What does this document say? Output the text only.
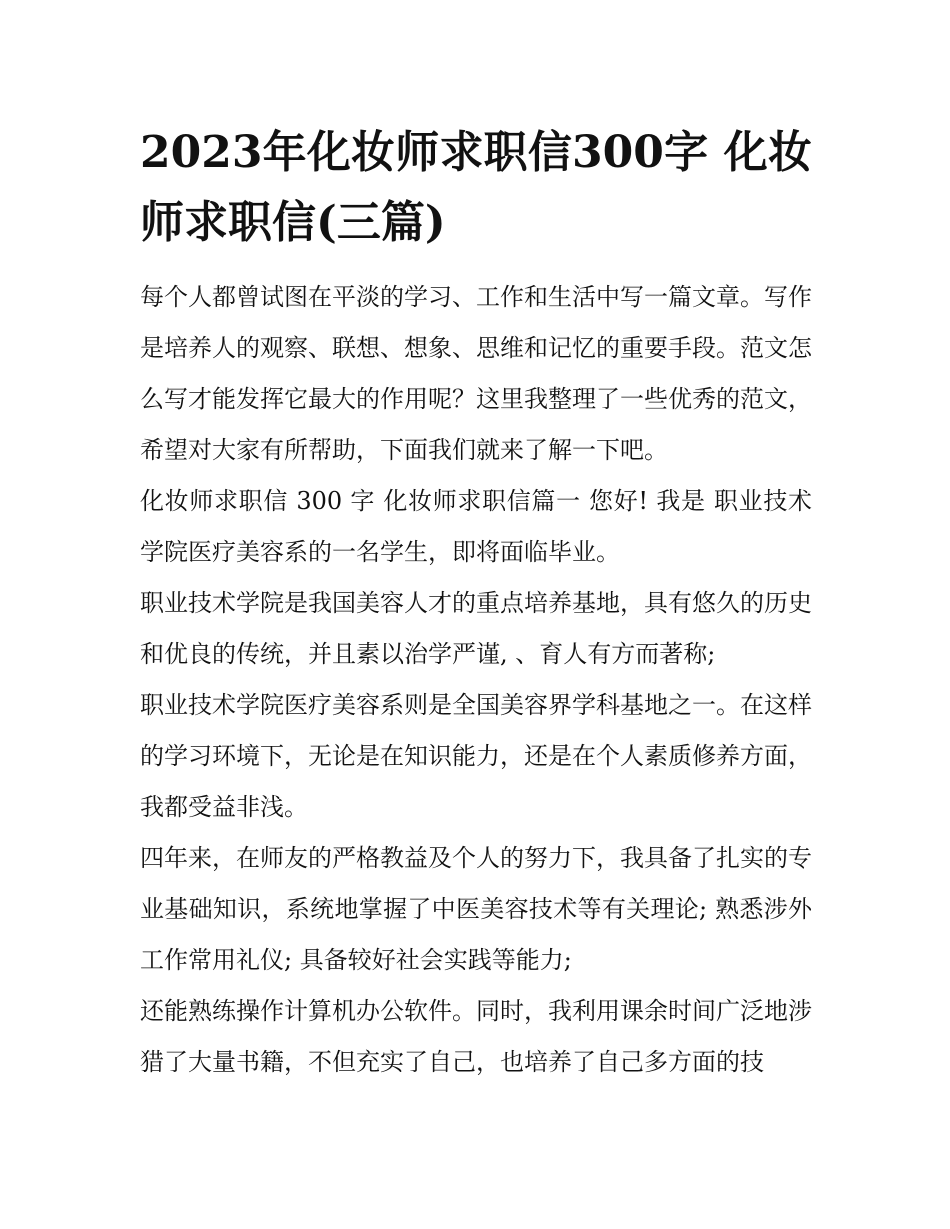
2023年化妆师求职信300字 化妆师求职信(三篇)

每个人都曾试图在平淡的学习、工作和生活中写一篇文章。写作是培养人的观察、联想、想象、思维和记忆的重要手段。范文怎么写才能发挥它最大的作用呢？这里我整理了一些优秀的范文，希望对大家有所帮助，下面我们就来了解一下吧。

化妆师求职信 300 字 化妆师求职信篇一 您好! 我是 职业技术学院医疗美容系的一名学生，即将面临毕业。

职业技术学院是我国美容人才的重点培养基地，具有悠久的历史和优良的传统，并且素以治学严谨, 、育人有方而著称;

职业技术学院医疗美容系则是全国美容界学科基地之一。在这样的学习环境下，无论是在知识能力，还是在个人素质修养方面，我都受益非浅。

四年来，在师友的严格教益及个人的努力下，我具备了扎实的专业基础知识，系统地掌握了中医美容技术等有关理论; 熟悉涉外工作常用礼仪; 具备较好社会实践等能力;

还能熟练操作计算机办公软件。同时，我利用课余时间广泛地涉猎了大量书籍，不但充实了自己，也培养了自己多方面的技
